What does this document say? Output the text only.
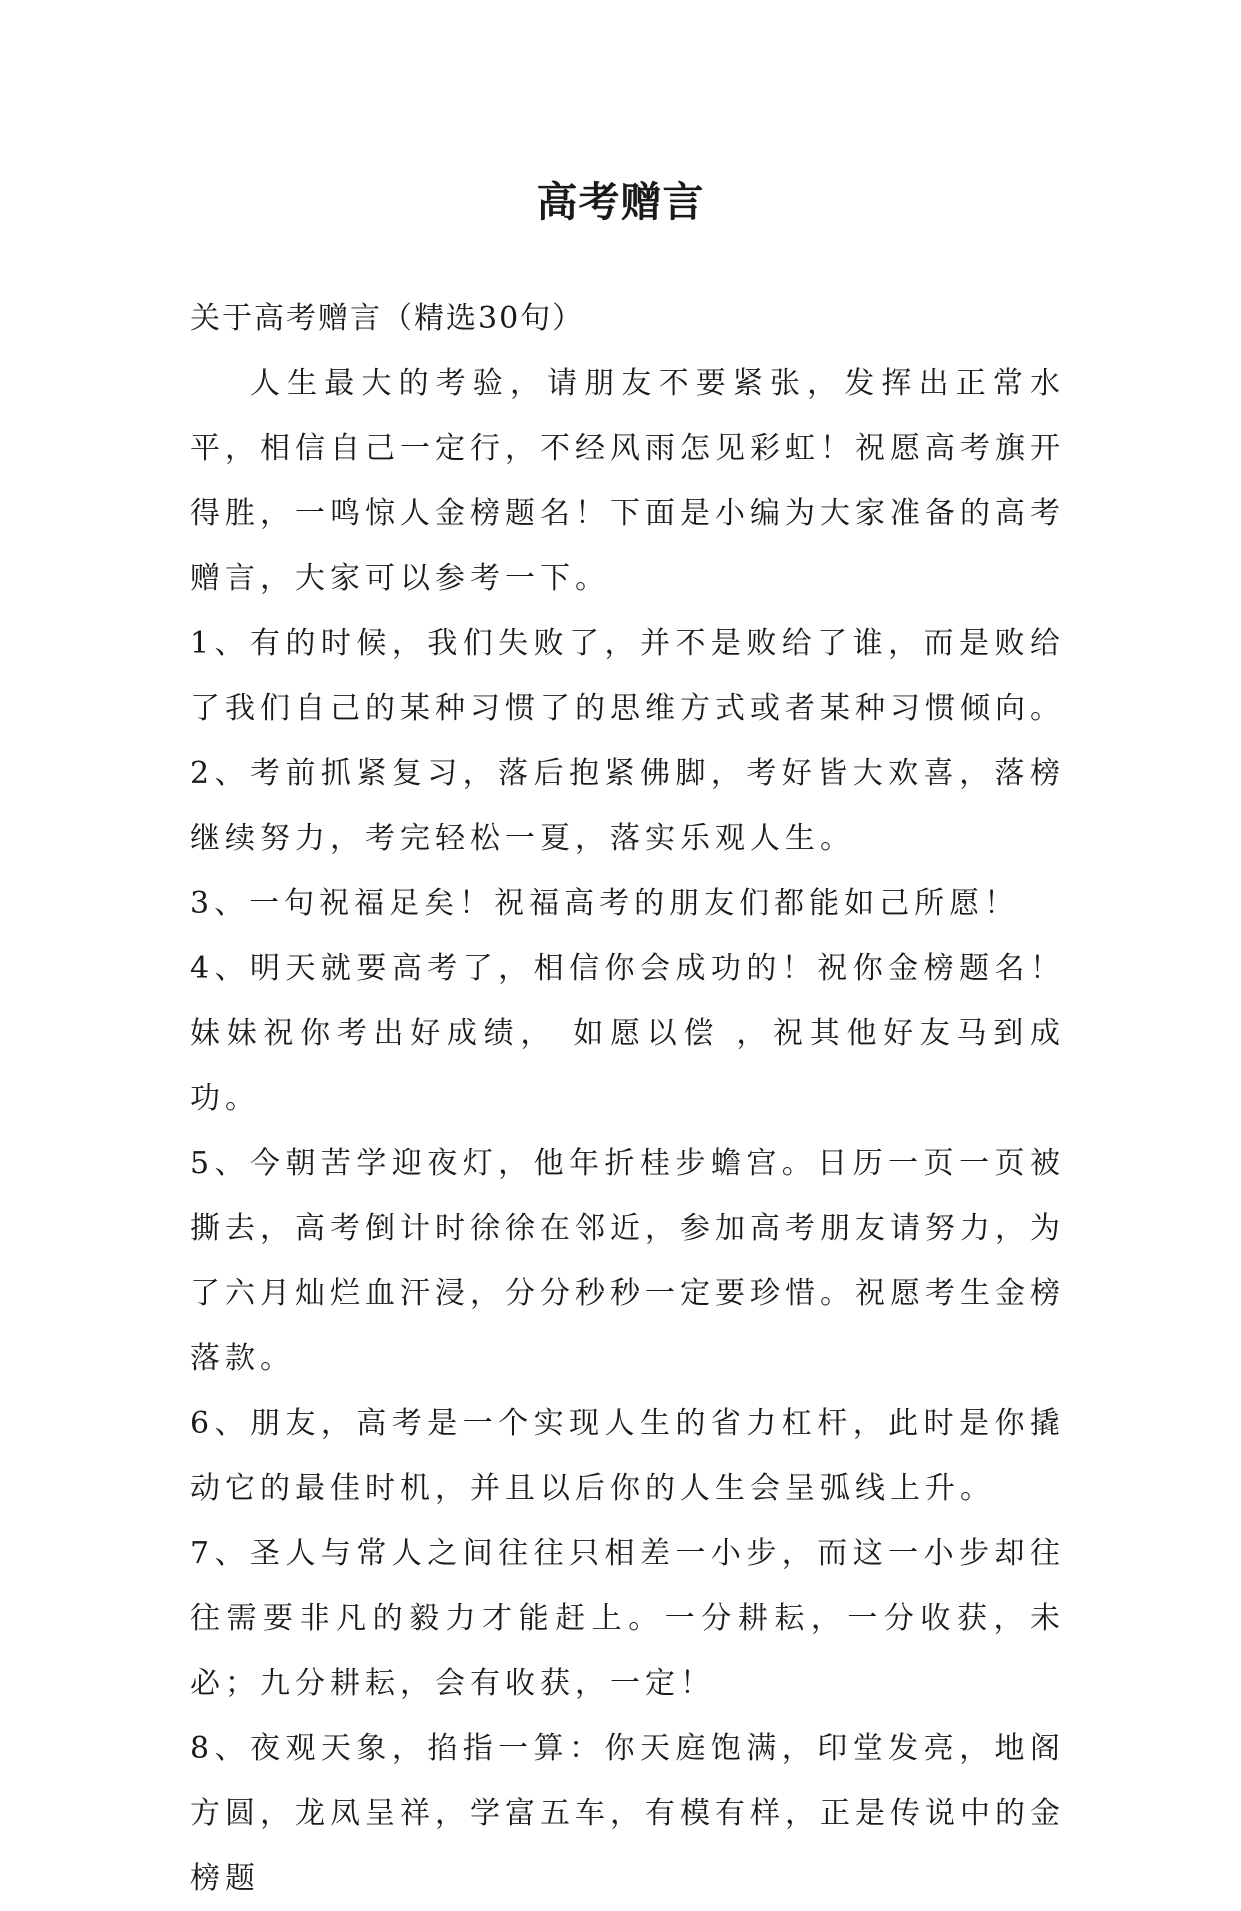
高考赠言

关于高考赠言（精选30句）

人生最大的考验，请朋友不要紧张，发挥出正常水平，相信自己一定行，不经风雨怎见彩虹！祝愿高考旗开得胜，一鸣惊人金榜题名！下面是小编为大家准备的高考赠言，大家可以参考一下。

1、有的时候，我们失败了，并不是败给了谁，而是败给了我们自己的某种习惯了的思维方式或者某种习惯倾向。

2、考前抓紧复习，落后抱紧佛脚，考好皆大欢喜，落榜继续努力，考完轻松一夏，落实乐观人生。

3、一句祝福足矣！祝福高考的朋友们都能如己所愿！

4、明天就要高考了，相信你会成功的！祝你金榜题名！妹妹祝你考出好成绩， 如愿以偿 ，祝其他好友马到成功。

5、今朝苦学迎夜灯，他年折桂步蟾宫。日历一页一页被撕去，高考倒计时徐徐在邻近，参加高考朋友请努力，为了六月灿烂血汗浸，分分秒秒一定要珍惜。祝愿考生金榜落款。

6、朋友，高考是一个实现人生的省力杠杆，此时是你撬动它的最佳时机，并且以后你的人生会呈弧线上升。

7、圣人与常人之间往往只相差一小步，而这一小步却往往需要非凡的毅力才能赶上。一分耕耘，一分收获，未必；九分耕耘，会有收获，一定！

8、夜观天象，掐指一算：你天庭饱满，印堂发亮，地阁方圆，龙凤呈祥，学富五车，有模有样，正是传说中的金榜题
